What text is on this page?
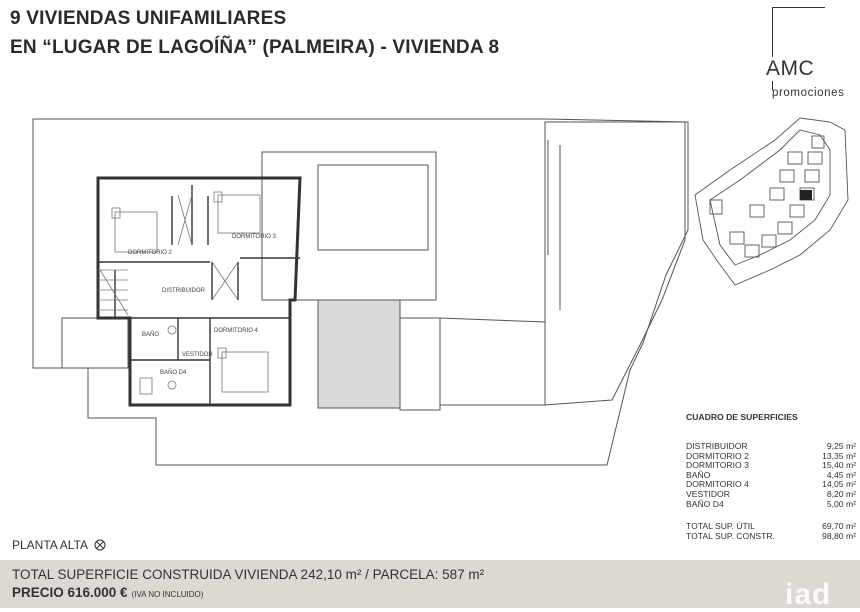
9 VIVIENDAS UNIFAMILIARES
EN “LUGAR DE LAGOÍÑA” (PALMEIRA) - VIVIENDA 8
AMC
promociones
DORMITORIO 2
DORMITORIO 3
DISTRIBUIDOR
BAÑO
DORMITORIO 4
VESTIDOR
BAÑO D4
CUADRO DE SUPERFICIES
DISTRIBUIDOR	9,25 m²
DORMITORIO 2	13,35 m²
DORMITORIO 3	15,40 m²
BAÑO	4,45 m²
DORMITORIO 4	14,05 m²
VESTIDOR	8,20 m²
BAÑO D4	5,00 m²
TOTAL SUP. ÚTIL	69,70 m²
TOTAL SUP. CONSTR.	98,80 m²
PLANTA ALTA
TOTAL SUPERFICIE CONSTRUIDA VIVIENDA 242,10 m² / PARCELA: 587 m²
PRECIO 616.000 € (IVA NO INCLUIDO)	iad
